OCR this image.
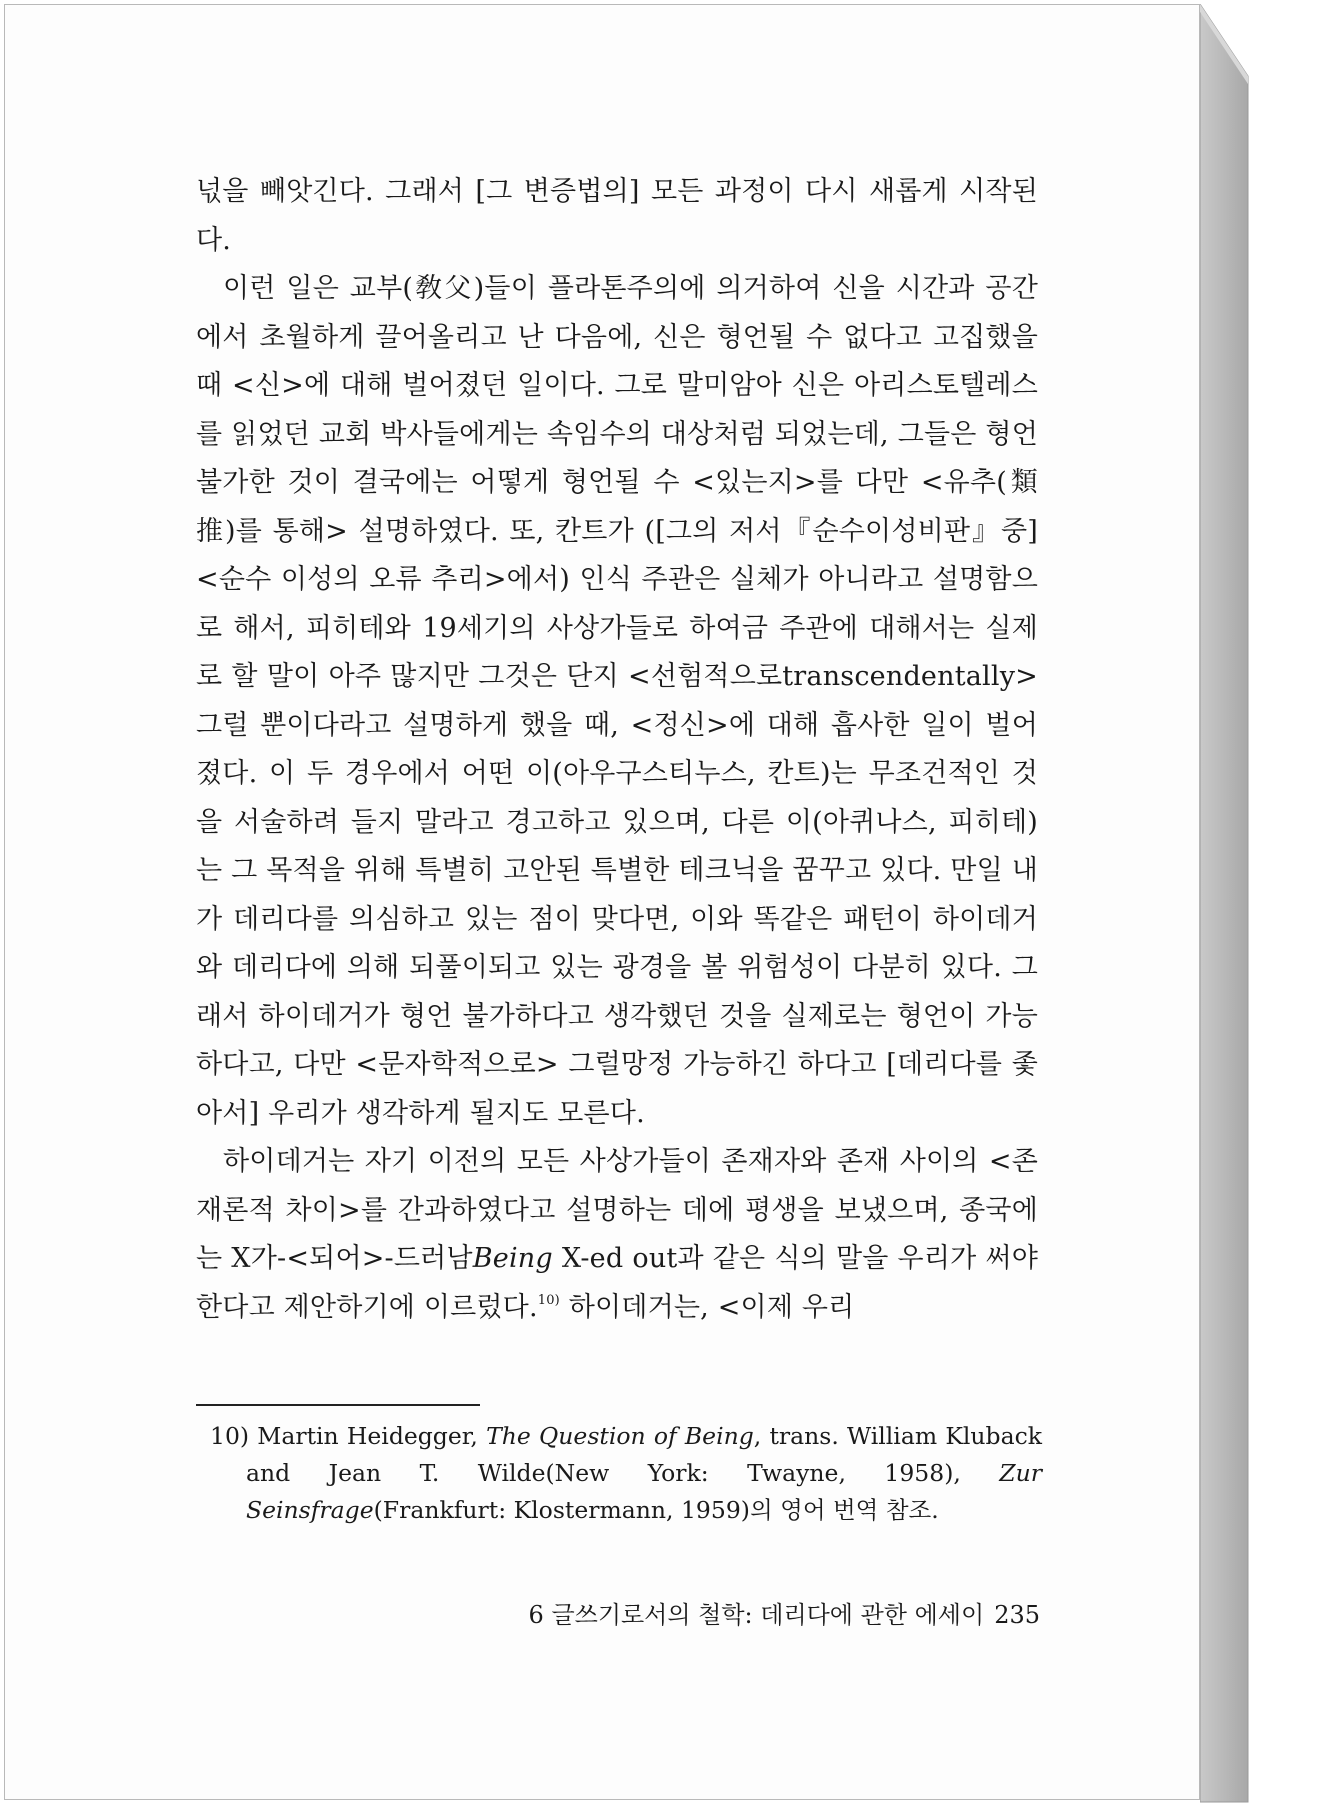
넋을 빼앗긴다. 그래서 [그 변증법의] 모든 과정이 다시 새롭게 시작된다.

이런 일은 교부(敎父)들이 플라톤주의에 의거하여 신을 시간과 공간에서 초월하게 끌어올리고 난 다음에, 신은 형언될 수 없다고 고집했을 때 <신>에 대해 벌어졌던 일이다. 그로 말미암아 신은 아리스토텔레스를 읽었던 교회 박사들에게는 속임수의 대상처럼 되었는데, 그들은 형언 불가한 것이 결국에는 어떻게 형언될 수 <있는지>를 다만 <유추(類推)를 통해> 설명하였다. 또, 칸트가 ([그의 저서『순수이성비판』중] <순수 이성의 오류 추리>에서) 인식 주관은 실체가 아니라고 설명함으로 해서, 피히테와 19세기의 사상가들로 하여금 주관에 대해서는 실제로 할 말이 아주 많지만 그것은 단지 <선험적으로transcendentally> 그럴 뿐이다라고 설명하게 했을 때, <정신>에 대해 흡사한 일이 벌어졌다. 이 두 경우에서 어떤 이(아우구스티누스, 칸트)는 무조건적인 것을 서술하려 들지 말라고 경고하고 있으며, 다른 이(아퀴나스, 피히테)는 그 목적을 위해 특별히 고안된 특별한 테크닉을 꿈꾸고 있다. 만일 내가 데리다를 의심하고 있는 점이 맞다면, 이와 똑같은 패턴이 하이데거와 데리다에 의해 되풀이되고 있는 광경을 볼 위험성이 다분히 있다. 그래서 하이데거가 형언 불가하다고 생각했던 것을 실제로는 형언이 가능하다고, 다만 <문자학적으로> 그럴망정 가능하긴 하다고 [데리다를 좇아서] 우리가 생각하게 될지도 모른다.

하이데거는 자기 이전의 모든 사상가들이 존재자와 존재 사이의 <존재론적 차이>를 간과하였다고 설명하는 데에 평생을 보냈으며, 종국에는 X가-<되어>-드러남Being X-ed out과 같은 식의 말을 우리가 써야 한다고 제안하기에 이르렀다.$^{10)}$ 하이데거는, <이제 우리

10) Martin Heidegger, The Question of Being, trans. William Kluback and Jean T. Wilde(New York: Twayne, 1958), Zur Seinsfrage(Frankfurt: Klostermann, 1959)의 영어 번역 참조.

6 글쓰기로서의 철학: 데리다에 관한 에세이 235
